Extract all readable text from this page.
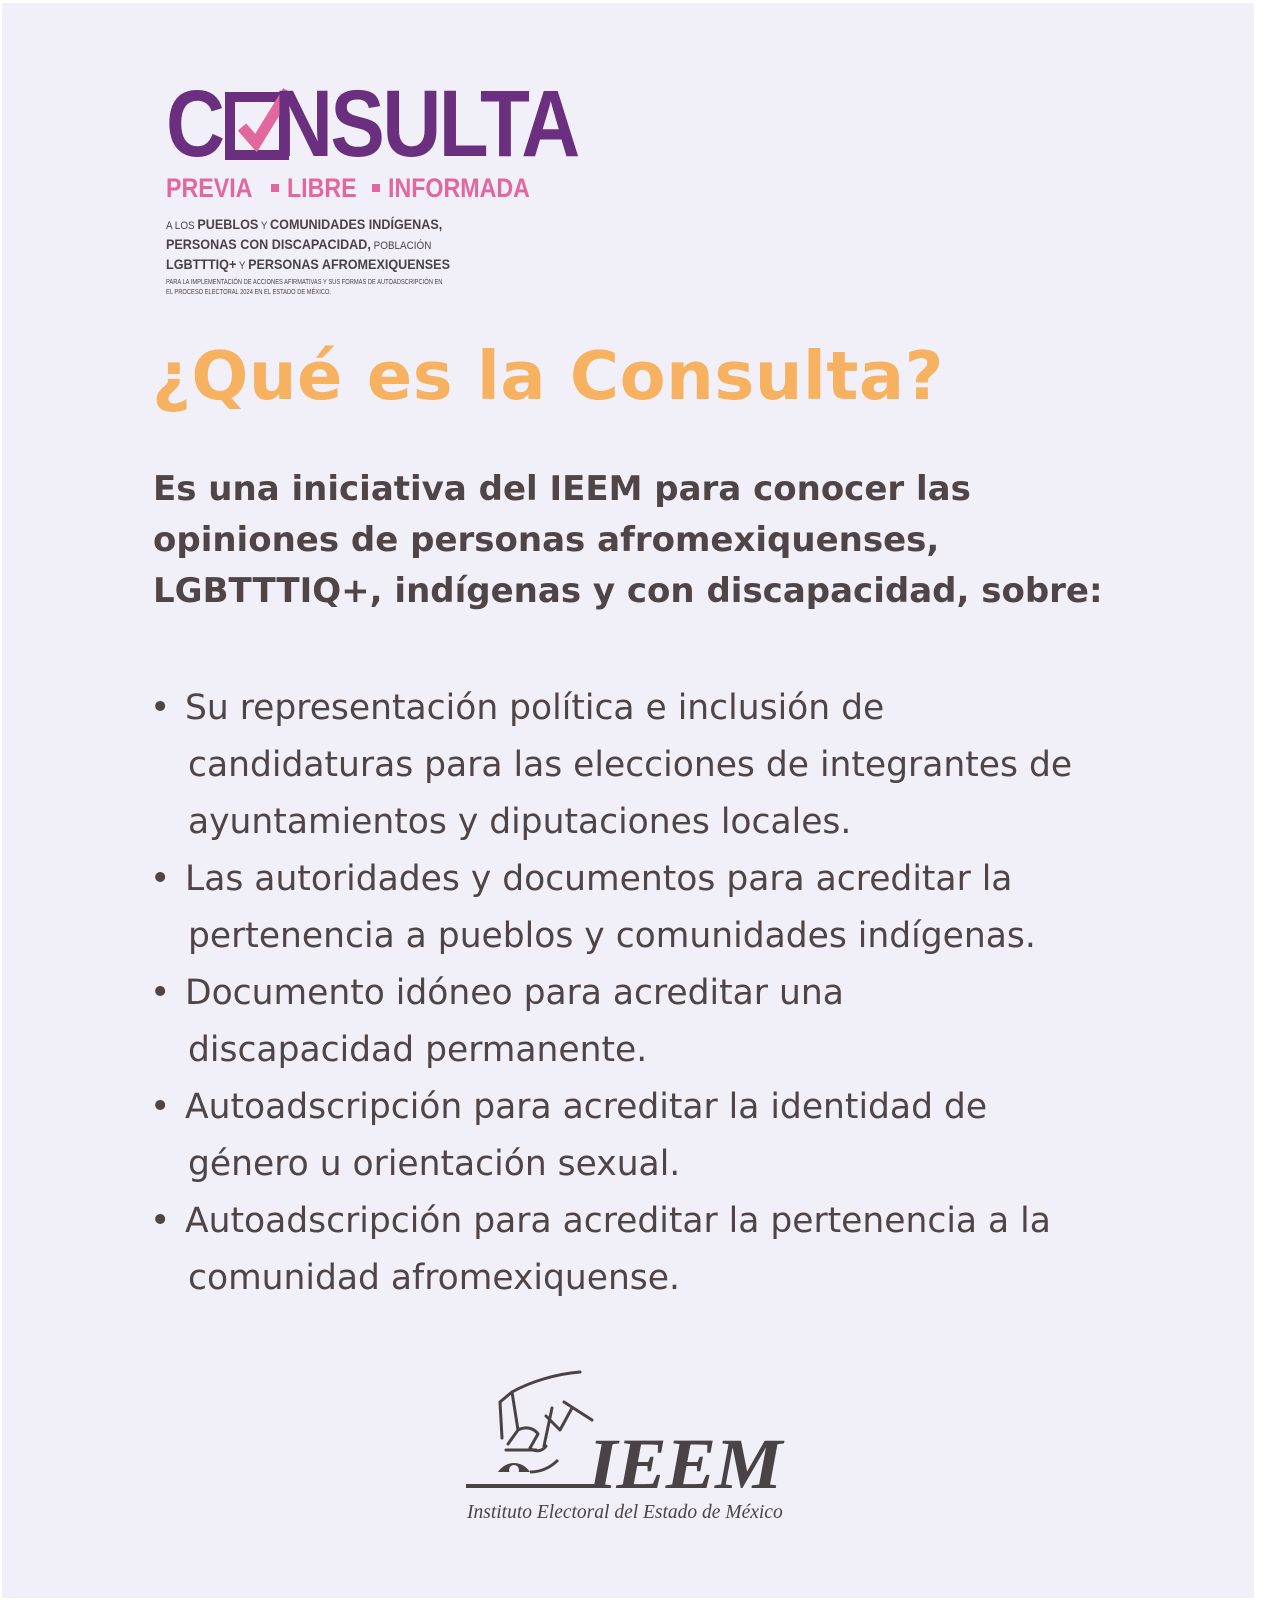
C NSULTA
PREVIA LIBRE INFORMADA
A LOS PUEBLOS Y COMUNIDADES INDÍGENAS,
PERSONAS CON DISCAPACIDAD, POBLACIÓN
LGBTTTIQ+ Y PERSONAS AFROMEXIQUENSES
PARA LA IMPLEMENTACIÓN DE ACCIONES AFIRMATIVAS Y SUS FORMAS DE AUTOADSCRIPCIÓN EN
EL PROCESO ELECTORAL 2024 EN EL ESTADO DE MÉXICO.
¿Qué es la Consulta?

Es una iniciativa del IEEM para conocer las
opiniones de personas afromexiquenses,
LGBTTTIQ+, indígenas y con discapacidad, sobre:

• Su representación política e inclusión de
candidaturas para las elecciones de integrantes de
ayuntamientos y diputaciones locales.
• Las autoridades y documentos para acreditar la
pertenencia a pueblos y comunidades indígenas.
• Documento idóneo para acreditar una
discapacidad permanente.
• Autoadscripción para acreditar la identidad de
género u orientación sexual.
• Autoadscripción para acreditar la pertenencia a la
comunidad afromexiquense.
IEEM
Instituto Electoral del Estado de México
